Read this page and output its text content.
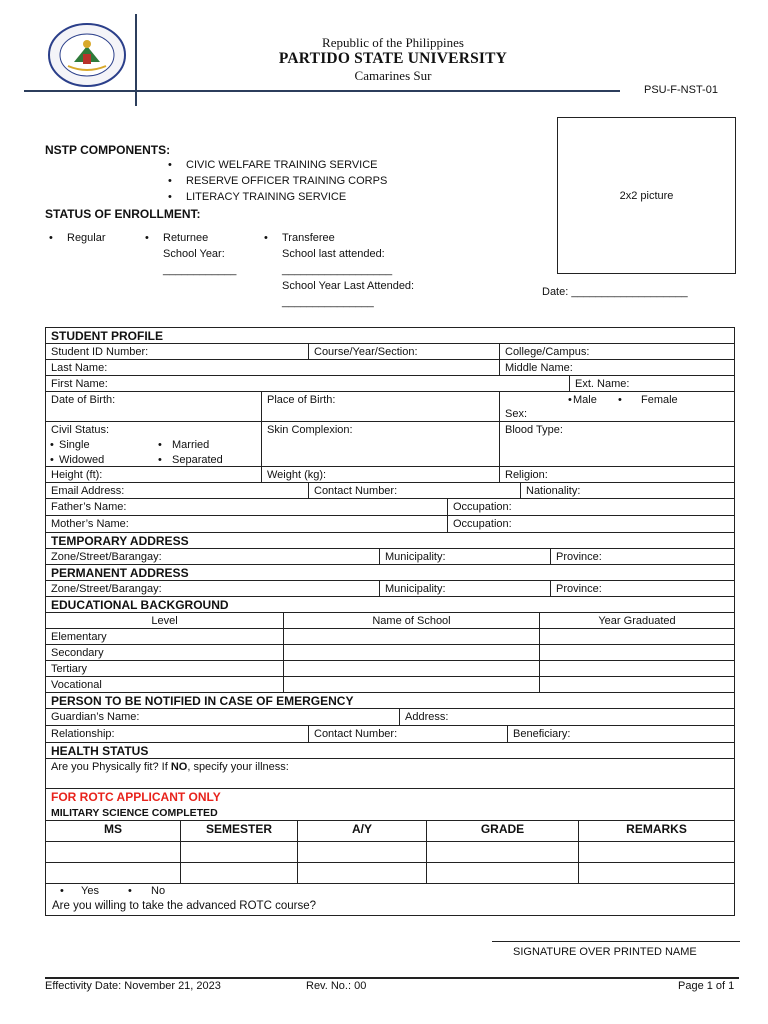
Republic of the Philippines
PARTIDO STATE UNIVERSITY
Camarines Sur
PSU-F-NST-01
2x2 picture
Date: ___________________
NSTP COMPONENTS:
• CIVIC WELFARE TRAINING SERVICE
• RESERVE OFFICER TRAINING CORPS
• LITERACY TRAINING SERVICE
STATUS OF ENROLLMENT:
• Regular
•	Returnee
School Year:
____________
• Transferee
School last attended:
__________________
School Year Last Attended:
_______________
STUDENT PROFILE
Student ID Number:	Course/Year/Section:	College/Campus:
Last Name:	Middle Name:
First Name:	Ext. Name:
Date of Birth:	Place of Birth:	• Male • Female
Sex:
Civil Status:
• Single	• Married
• Widowed	• Separated
Skin Complexion:	Blood Type:
Height (ft):	Weight (kg):	Religion:
Email Address:	Contact Number:	Nationality:
Father’s Name:	Occupation:
Mother’s Name:	Occupation:
TEMPORARY ADDRESS
Zone/Street/Barangay:	Municipality:	Province:
PERMANENT ADDRESS
Zone/Street/Barangay:	Municipality:	Province:
EDUCATIONAL BACKGROUND
Level	Name of School	Year Graduated
Elementary
Secondary
Tertiary
Vocational
PERSON TO BE NOTIFIED IN CASE OF EMERGENCY
Guardian’s Name:	Address:
Relationship:	Contact Number:	Beneficiary:
HEALTH STATUS
Are you Physically fit? If NO, specify your illness:
FOR ROTC APPLICANT ONLY
MILITARY SCIENCE COMPLETED
MS	SEMESTER	A/Y	GRADE	REMARKS
• Yes	• No
Are you willing to take the advanced ROTC course?
SIGNATURE OVER PRINTED NAME
Effectivity Date: November 21, 2023	Rev. No.: 00	Page 1 of 1
